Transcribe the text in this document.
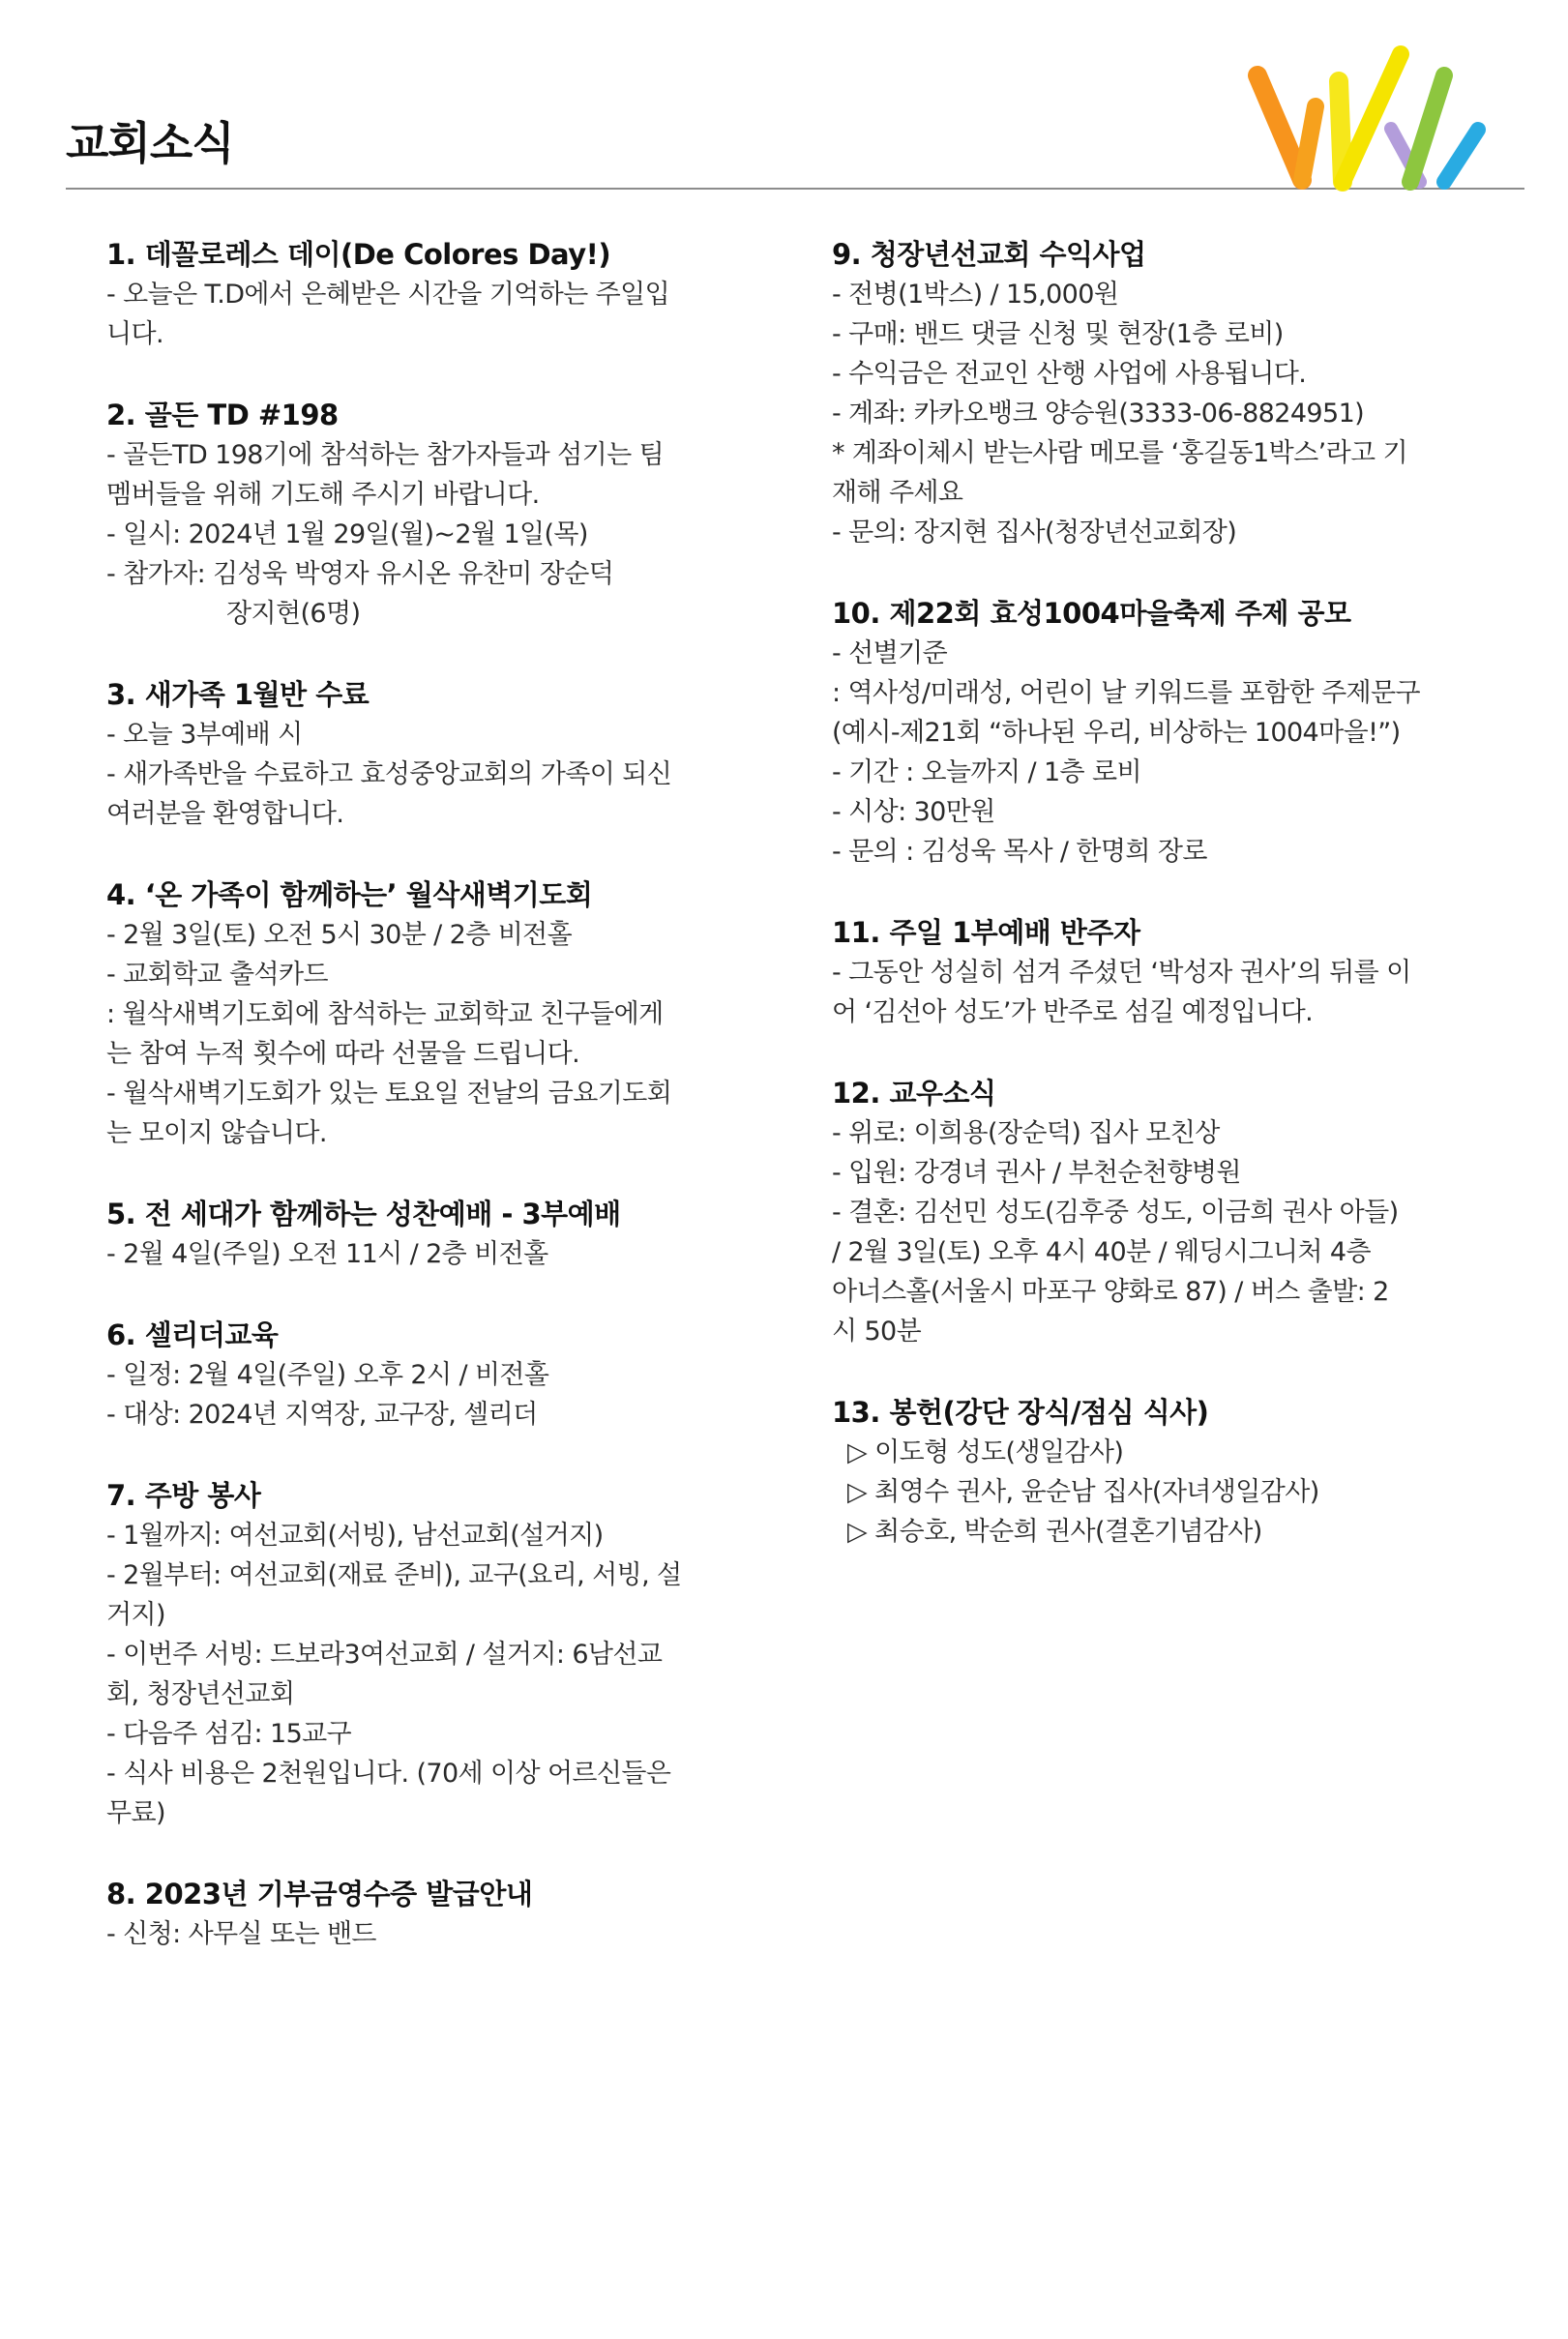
교회소식
1. 데꼴로레스 데이(De Colores Day!)
- 오늘은 T.D에서 은혜받은 시간을 기억하는 주일입
니다.
2. 골든 TD #198
- 골든TD 198기에 참석하는 참가자들과 섬기는 팀
멤버들을 위해 기도해 주시기 바랍니다.
- 일시: 2024년 1월 29일(월)~2월 1일(목)
- 참가자: 김성욱 박영자 유시온 유찬미 장순덕
장지현(6명)
3. 새가족 1월반 수료
- 오늘 3부예배 시
- 새가족반을 수료하고 효성중앙교회의 가족이 되신
여러분을 환영합니다.
4. ‘온 가족이 함께하는’ 월삭새벽기도회
- 2월 3일(토) 오전 5시 30분 / 2층 비전홀
- 교회학교 출석카드
: 월삭새벽기도회에 참석하는 교회학교 친구들에게
는 참여 누적 횟수에 따라 선물을 드립니다.
- 월삭새벽기도회가 있는 토요일 전날의 금요기도회
는 모이지 않습니다.
5. 전 세대가 함께하는 성찬예배 - 3부예배
- 2월 4일(주일) 오전 11시 / 2층 비전홀
6. 셀리더교육
- 일정: 2월 4일(주일) 오후 2시 / 비전홀
- 대상: 2024년 지역장, 교구장, 셀리더
7. 주방 봉사
- 1월까지: 여선교회(서빙), 남선교회(설거지)
- 2월부터: 여선교회(재료 준비), 교구(요리, 서빙, 설
거지)
- 이번주 서빙: 드보라3여선교회 / 설거지: 6남선교
회, 청장년선교회
- 다음주 섬김: 15교구
- 식사 비용은 2천원입니다. (70세 이상 어르신들은
무료)
8. 2023년 기부금영수증 발급안내
- 신청: 사무실 또는 밴드
9. 청장년선교회 수익사업
- 전병(1박스) / 15,000원
- 구매: 밴드 댓글 신청 및 현장(1층 로비)
- 수익금은 전교인 산행 사업에 사용됩니다.
- 계좌: 카카오뱅크 양승원(3333-06-8824951)
* 계좌이체시 받는사람 메모를 ‘홍길동1박스’라고 기
재해 주세요
- 문의: 장지현 집사(청장년선교회장)
10. 제22회 효성1004마을축제 주제 공모
- 선별기준
: 역사성/미래성, 어린이 날 키워드를 포함한 주제문구
(예시-제21회 “하나된 우리, 비상하는 1004마을!”)
- 기간 : 오늘까지 / 1층 로비
- 시상: 30만원
- 문의 : 김성욱 목사 / 한명희 장로
11. 주일 1부예배 반주자
- 그동안 성실히 섬겨 주셨던 ‘박성자 권사’의 뒤를 이
어 ‘김선아 성도’가 반주로 섬길 예정입니다.
12. 교우소식
- 위로: 이희용(장순덕) 집사 모친상
- 입원: 강경녀 권사 / 부천순천향병원
- 결혼: 김선민 성도(김후중 성도, 이금희 권사 아들)
/ 2월 3일(토) 오후 4시 40분 / 웨딩시그니처 4층
아너스홀(서울시 마포구 양화로 87) / 버스 출발: 2
시 50분
13. 봉헌(강단 장식/점심 식사)
▷ 이도형 성도(생일감사)
▷ 최영수 권사, 윤순남 집사(자녀생일감사)
▷ 최승호, 박순희 권사(결혼기념감사)
